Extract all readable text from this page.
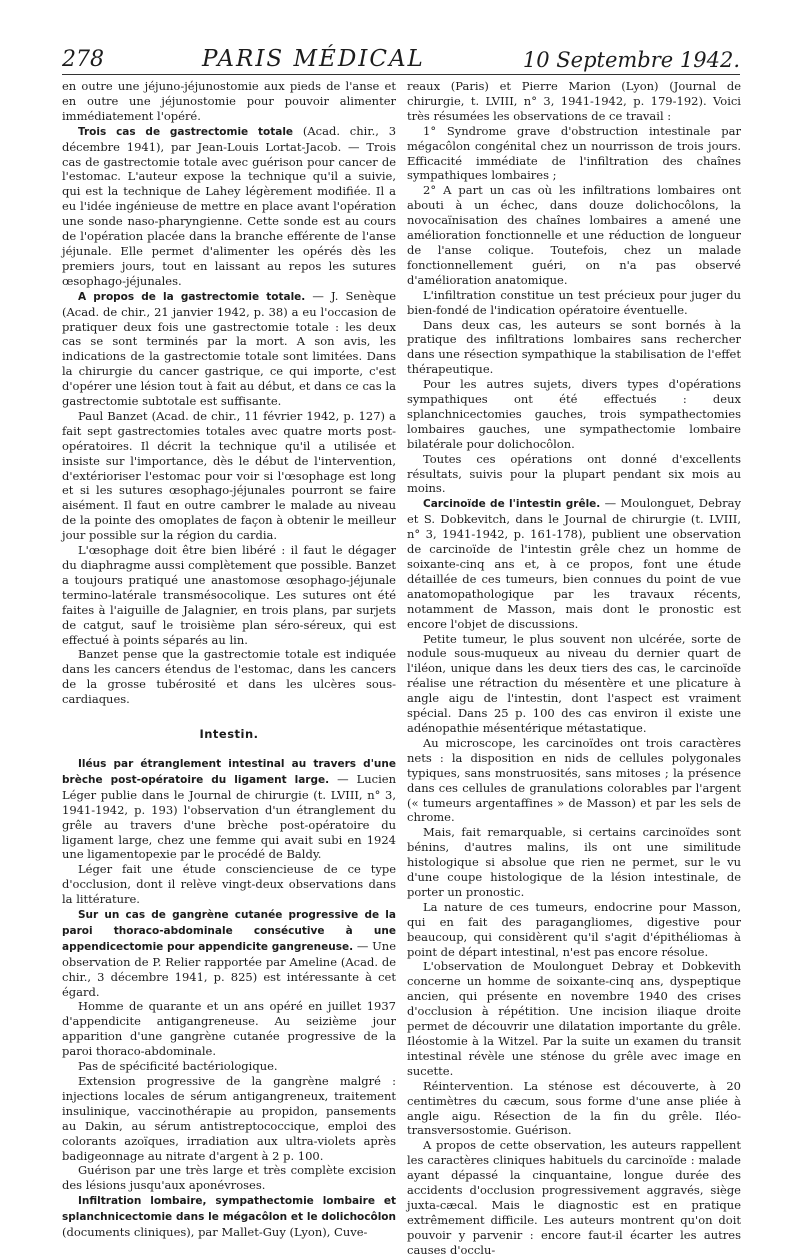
278	PARIS MÉDICAL	10 Septembre 1942.

en outre une jéjuno-jéjunostomie aux pieds de l'anse et en outre une jéjunostomie pour pouvoir alimenter immédiatement l'opéré.

Trois cas de gastrectomie totale (Acad. chir., 3 décembre 1941), par Jean-Louis Lortat-Jacob. — Trois cas de gastrectomie totale avec guérison pour cancer de l'estomac. L'auteur expose la technique qu'il a suivie, qui est la technique de Lahey légèrement modifiée. Il a eu l'idée ingénieuse de mettre en place avant l'opération une sonde naso-pharyngienne. Cette sonde est au cours de l'opération placée dans la branche efférente de l'anse jéjunale. Elle permet d'alimenter les opérés dès les premiers jours, tout en laissant au repos les sutures œsophago-jéjunales.

A propos de la gastrectomie totale. — J. Senèque (Acad. de chir., 21 janvier 1942, p. 38) a eu l'occasion de pratiquer deux fois une gastrectomie totale : les deux cas se sont terminés par la mort. A son avis, les indications de la gastrectomie totale sont limitées. Dans la chirurgie du cancer gastrique, ce qui importe, c'est d'opérer une lésion tout à fait au début, et dans ce cas la gastrectomie subtotale est suffisante.

Paul Banzet (Acad. de chir., 11 février 1942, p. 127) a fait sept gastrectomies totales avec quatre morts post-opératoires. Il décrit la technique qu'il a utilisée et insiste sur l'importance, dès le début de l'intervention, d'extérioriser l'estomac pour voir si l'œsophage est long et si les sutures œsophago-jéjunales pourront se faire aisément. Il faut en outre cambrer le malade au niveau de la pointe des omoplates de façon à obtenir le meilleur jour possible sur la région du cardia.

L'œsophage doit être bien libéré : il faut le dégager du diaphragme aussi complètement que possible. Banzet a toujours pratiqué une anastomose œsophago-jéjunale termino-latérale transmésocolique. Les sutures ont été faites à l'aiguille de Jalagnier, en trois plans, par surjets de catgut, sauf le troisième plan séro-séreux, qui est effectué à points séparés au lin.

Banzet pense que la gastrectomie totale est indiquée dans les cancers étendus de l'estomac, dans les cancers de la grosse tubérosité et dans les ulcères sous-cardiaques.

Intestin.

Iléus par étranglement intestinal au travers d'une brèche post-opératoire du ligament large. — Lucien Léger publie dans le Journal de chirurgie (t. LVIII, n° 3, 1941-1942, p. 193) l'observation d'un étranglement du grêle au travers d'une brèche post-opératoire du ligament large, chez une femme qui avait subi en 1924 une ligamentopexie par le procédé de Baldy.

Léger fait une étude consciencieuse de ce type d'occlusion, dont il relève vingt-deux observations dans la littérature.

Sur un cas de gangrène cutanée progressive de la paroi thoraco-abdominale consécutive à une appendicectomie pour appendicite gangreneuse. — Une observation de P. Relier rapportée par Ameline (Acad. de chir., 3 décembre 1941, p. 825) est intéressante à cet égard.

Homme de quarante et un ans opéré en juillet 1937 d'appendicite antigangreneuse. Au seizième jour apparition d'une gangrène cutanée progressive de la paroi thoraco-abdominale.

Pas de spécificité bactériologique.

Extension progressive de la gangrène malgré : injections locales de sérum antigangreneux, traitement insulinique, vaccinothérapie au propidon, pansements au Dakin, au sérum antistreptococcique, emploi des colorants azoïques, irradiation aux ultra-violets après badigeonnage au nitrate d'argent à 2 p. 100.

Guérison par une très large et très complète excision des lésions jusqu'aux aponévroses.

Infiltration lombaire, sympathectomie lombaire et splanchnicectomie dans le mégacôlon et le dolichocôlon (documents cliniques), par Mallet-Guy (Lyon), Cuve-

reaux (Paris) et Pierre Marion (Lyon) (Journal de chirurgie, t. LVIII, n° 3, 1941-1942, p. 179-192). Voici très résumées les observations de ce travail :

1° Syndrome grave d'obstruction intestinale par mégacôlon congénital chez un nourrisson de trois jours. Efficacité immédiate de l'infiltration des chaînes sympathiques lombaires ;

2° A part un cas où les infiltrations lombaires ont abouti à un échec, dans douze dolichocôlons, la novocaïnisation des chaînes lombaires a amené une amélioration fonctionnelle et une réduction de longueur de l'anse colique. Toutefois, chez un malade fonctionnellement guéri, on n'a pas observé d'amélioration anatomique.

L'infiltration constitue un test précieux pour juger du bien-fondé de l'indication opératoire éventuelle.

Dans deux cas, les auteurs se sont bornés à la pratique des infiltrations lombaires sans rechercher dans une résection sympathique la stabilisation de l'effet thérapeutique.

Pour les autres sujets, divers types d'opérations sympathiques ont été effectués : deux splanchnicectomies gauches, trois sympathectomies lombaires gauches, une sympathectomie lombaire bilatérale pour dolichocôlon.

Toutes ces opérations ont donné d'excellents résultats, suivis pour la plupart pendant six mois au moins.

Carcinoïde de l'intestin grêle. — Moulonguet, Debray et S. Dobkevitch, dans le Journal de chirurgie (t. LVIII, n° 3, 1941-1942, p. 161-178), publient une observation de carcinoïde de l'intestin grêle chez un homme de soixante-cinq ans et, à ce propos, font une étude détaillée de ces tumeurs, bien connues du point de vue anatomopathologique par les travaux récents, notamment de Masson, mais dont le pronostic est encore l'objet de discussions.

Petite tumeur, le plus souvent non ulcérée, sorte de nodule sous-muqueux au niveau du dernier quart de l'iléon, unique dans les deux tiers des cas, le carcinoïde réalise une rétraction du mésentère et une plicature à angle aigu de l'intestin, dont l'aspect est vraiment spécial. Dans 25 p. 100 des cas environ il existe une adénopathie mésentérique métastatique.

Au microscope, les carcinoïdes ont trois caractères nets : la disposition en nids de cellules polygonales typiques, sans monstruosités, sans mitoses ; la présence dans ces cellules de granulations colorables par l'argent (« tumeurs argentaffines » de Masson) et par les sels de chrome.

Mais, fait remarquable, si certains carcinoïdes sont bénins, d'autres malins, ils ont une similitude histologique si absolue que rien ne permet, sur le vu d'une coupe histologique de la lésion intestinale, de porter un pronostic.

La nature de ces tumeurs, endocrine pour Masson, qui en fait des paragangliomes, digestive pour beaucoup, qui considèrent qu'il s'agit d'épithéliomas à point de départ intestinal, n'est pas encore résolue.

L'observation de Moulonguet Debray et Dobkevith concerne un homme de soixante-cinq ans, dyspeptique ancien, qui présente en novembre 1940 des crises d'occlusion à répétition. Une incision iliaque droite permet de découvrir une dilatation importante du grêle. Iléostomie à la Witzel. Par la suite un examen du transit intestinal révèle une sténose du grêle avec image en sucette.

Réintervention. La sténose est découverte, à 20 centimètres du cæcum, sous forme d'une anse pliée à angle aigu. Résection de la fin du grêle. Iléo-transversostomie. Guérison.

A propos de cette observation, les auteurs rappellent les caractères cliniques habituels du carcinoïde : malade ayant dépassé la cinquantaine, longue durée des accidents d'occlusion progressivement aggravés, siège juxta-cæcal. Mais le diagnostic est en pratique extrêmement difficile. Les auteurs montrent qu'on doit pouvoir y parvenir : encore faut-il écarter les autres causes d'occlu-
